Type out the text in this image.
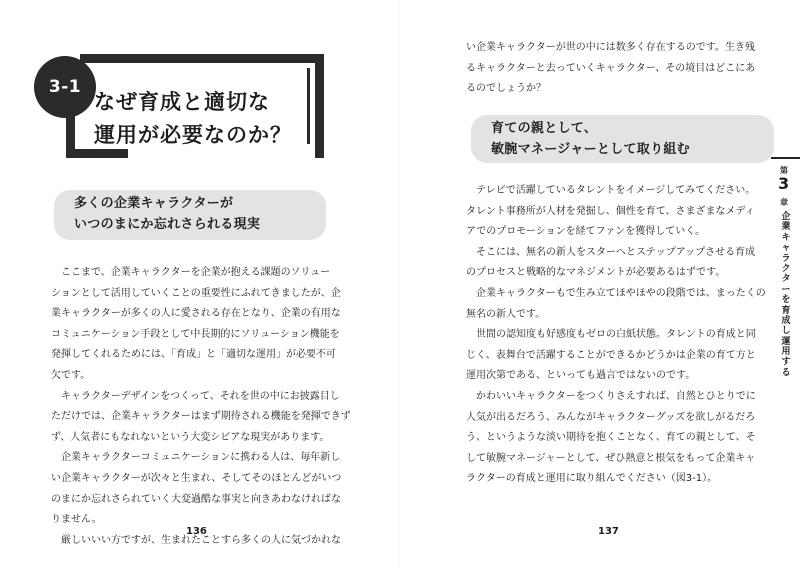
3-1
なぜ育成と適切な
運用が必要なのか？
多くの企業キャラクターが
いつのまにか忘れさられる現実
　ここまで、企業キャラクターを企業が抱える課題のソリュー
ションとして活用していくことの重要性にふれてきましたが、企
業キャラクターが多くの人に愛される存在となり、企業の有用な
コミュニケーション手段として中長期的にソリューション機能を
発揮してくれるためには、「育成」と「適切な運用」が必要不可
欠です。
　キャラクターデザインをつくって、それを世の中にお披露目し
ただけでは、企業キャラクターはまず期待される機能を発揮できず
ず、人気者にもなれないという大変シビアな現実があります。
　企業キャラクターコミュニケーションに携わる人は、毎年新し
い企業キャラクターが次々と生まれ、そしてそのほとんどがいつ
のまにか忘れさられていく大変過酷な事実と向きあわなければな
りません。
　厳しいいい方ですが、生まれたことすら多くの人に気づかれな
136
い企業キャラクターが世の中には数多く存在するのです。生き残
るキャラクターと去っていくキャラクター、その境目はどこにあ
るのでしょうか？
育ての親として、
敏腕マネージャーとして取り組む
　テレビで活躍しているタレントをイメージしてみてください。
タレント事務所が人材を発掘し、個性を育て、さまざまなメディ
アでのプロモーションを経てファンを獲得していく。
　そこには、無名の新人をスターへとステップアップさせる育成
のプロセスと戦略的なマネジメントが必要あるはずです。
　企業キャラクターもで生み立てほやほやの段階では、まったくの
無名の新人です。
　世間の認知度も好感度もゼロの白紙状態。タレントの育成と同
じく、表舞台で活躍することができるかどうかは企業の育て方と
運用次第である、といっても過言ではないのです。
　かわいいキャラクターをつくりさえすれば、自然とひとりでに
人気が出るだろう、みんながキャラクターグッズを欲しがるだろ
う、というような淡い期待を抱くことなく、育ての親として、そ
して敏腕マネージャーとして、ぜひ熱意と根気をもって企業キャ
ラクターの育成と運用に取り組んでください（図3-1）。
137
第
3
章
企
業
キ
ャ
ラ
ク
タ
ー
を
育
成
し
運
用
す
る
